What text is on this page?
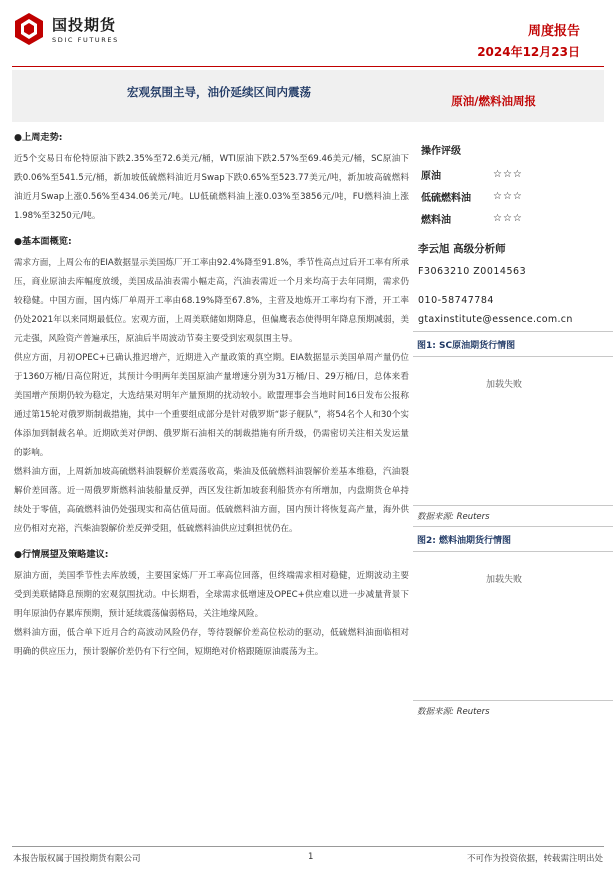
国投期货
SDIC FUTURES
周度报告
2024年12月23日
宏观氛围主导，油价延续区间内震荡
原油/燃料油周报
●上周走势:

近5个交易日布伦特原油下跌2.35%至72.6美元/桶，WTI原油下跌2.57%至69.46美元/桶，SC原油下跌0.06%至541.5元/桶，新加坡低硫燃料油近月Swap下跌0.65%至523.77美元/吨，新加坡高硫燃料油近月Swap上涨0.56%至434.06美元/吨。LU低硫燃料油上涨0.03%至3856元/吨，FU燃料油上涨1.98%至3250元/吨。

●基本面概览:

需求方面，上周公布的EIA数据显示美国炼厂开工率由92.4%降至91.8%，季节性高点过后开工率有所承压，商业原油去库幅度放缓，美国成品油表需小幅走高，汽油表需近一个月来均高于去年同期，需求仍较稳健。中国方面，国内炼厂单周开工率由68.19%降至67.8%，主营及地炼开工率均有下滑，开工率仍处2021年以来同期最低位。宏观方面，上周美联储如期降息，但偏鹰表态使得明年降息预期减弱，美元走强，风险资产普遍承压，原油后半周波动节奏主要受到宏观氛围主导。

供应方面，月初OPEC+已确认推迟增产，近期进入产量政策的真空期。EIA数据显示美国单周产量仍位于1360万桶/日高位附近，其预计今明两年美国原油产量增速分别为31万桶/日、29万桶/日，总体来看美国增产预期仍较为稳定，大选结果对明年产量预期的扰动较小。欧盟理事会当地时间16日发布公报称通过第15轮对俄罗斯制裁措施，其中一个重要组成部分是针对俄罗斯“影子舰队”，将54名个人和30个实体添加到制裁名单。近期欧美对伊朗、俄罗斯石油相关的制裁措施有所升级，仍需密切关注相关发运量的影响。

燃料油方面，上周新加坡高硫燃料油裂解价差震荡收高，柴油及低硫燃料油裂解价差基本维稳，汽油裂解价差回落。近一周俄罗斯燃料油装船量反弹，西区发往新加坡套利船货亦有所增加，内盘期货仓单持续处于零值，高硫燃料油仍处强现实和高估值局面。低硫燃料油方面，国内预计将恢复高产量，海外供应仍相对充裕，汽柴油裂解价差反弹受阻，低硫燃料油供应过剩担忧仍在。

●行情展望及策略建议:

原油方面，美国季节性去库放缓，主要国家炼厂开工率高位回落，但终端需求相对稳健，近期波动主要受到美联储降息预期的宏观氛围扰动。中长期看，全球需求低增速及OPEC+供应难以进一步减量背景下明年原油仍存累库预期，预计延续震荡偏弱格局，关注地缘风险。

燃料油方面，低合单下近月合约高波动风险仍存，等待裂解价差高位松动的驱动，低硫燃料油面临相对明确的供应压力，预计裂解价差仍有下行空间，短期绝对价格跟随原油震荡为主。

操作评级
原油	☆☆☆
低硫燃料油	☆☆☆
燃料油	☆☆☆
李云旭 高级分析师
F3063210 Z0014563
010-58747784
gtaxinstitute@essence.com.cn
图1: SC原油期货行情图
加载失败
数据来源: Reuters
图2: 燃料油期货行情图
加载失败
数据来源: Reuters
本报告版权属于国投期货有限公司	1	不可作为投资依据，转载需注明出处
